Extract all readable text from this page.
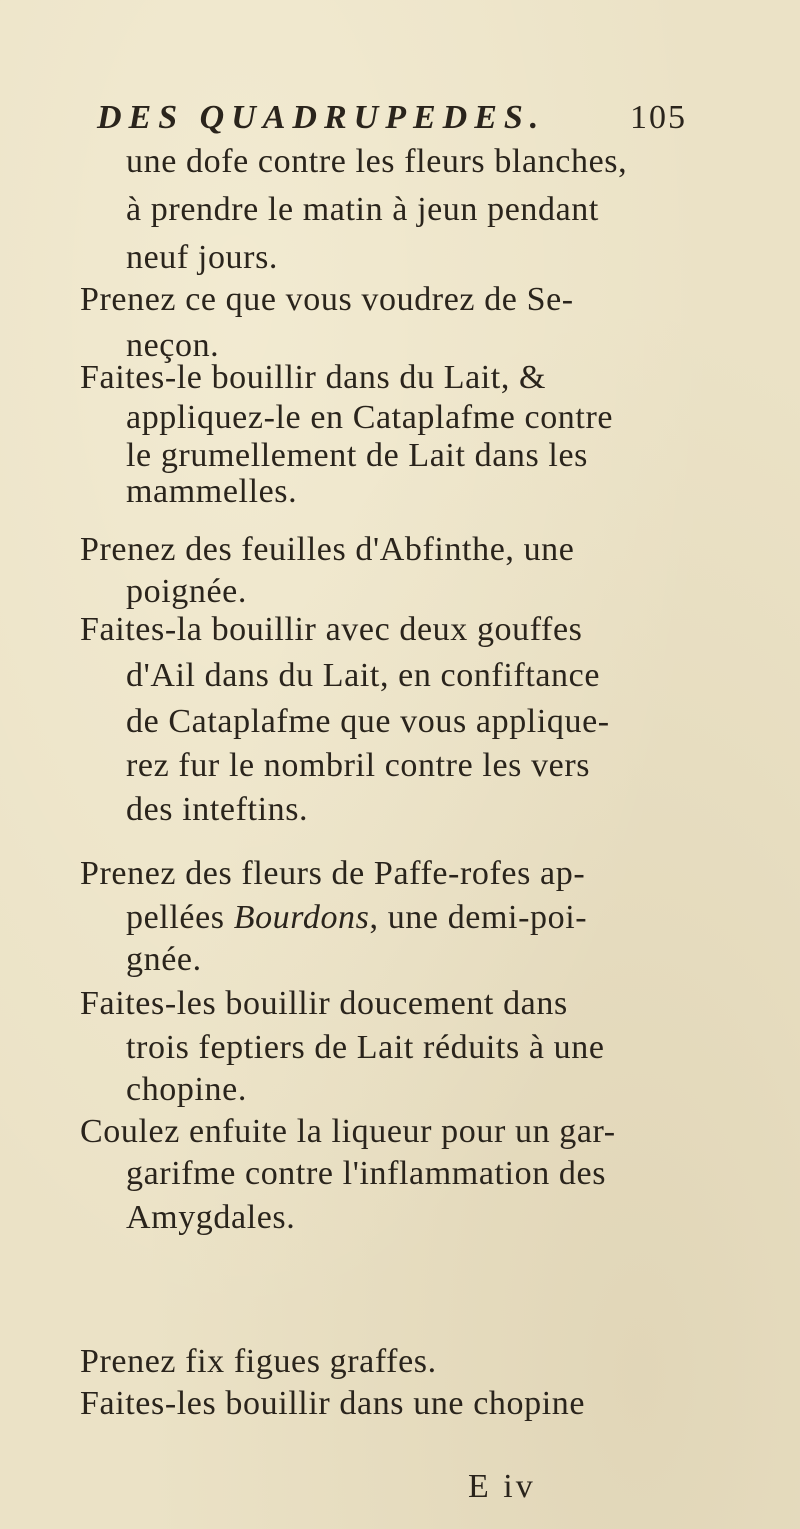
DES QUADRUPEDES. 105
une dofe contre les fleurs blanches,
à prendre le matin à jeun pendant
neuf jours.
Prenez ce que vous voudrez de Se-
neçon.
Faites-le bouillir dans du Lait, &
appliquez-le en Cataplafme contre
le grumellement de Lait dans les
mammelles.
Prenez des feuilles d'Abfinthe, une
poignée.
Faites-la bouillir avec deux gouffes
d'Ail dans du Lait, en confiftance
de Cataplafme que vous applique-
rez fur le nombril contre les vers
des inteftins.
Prenez des fleurs de Paffe-rofes ap-
pellées Bourdons, une demi-poi-
gnée.
Faites-les bouillir doucement dans
trois feptiers de Lait réduits à une
chopine.
Coulez enfuite la liqueur pour un gar-
garifme contre l'inflammation des
Amygdales.
Prenez fix figues graffes.
Faites-les bouillir dans une chopine
E iv
